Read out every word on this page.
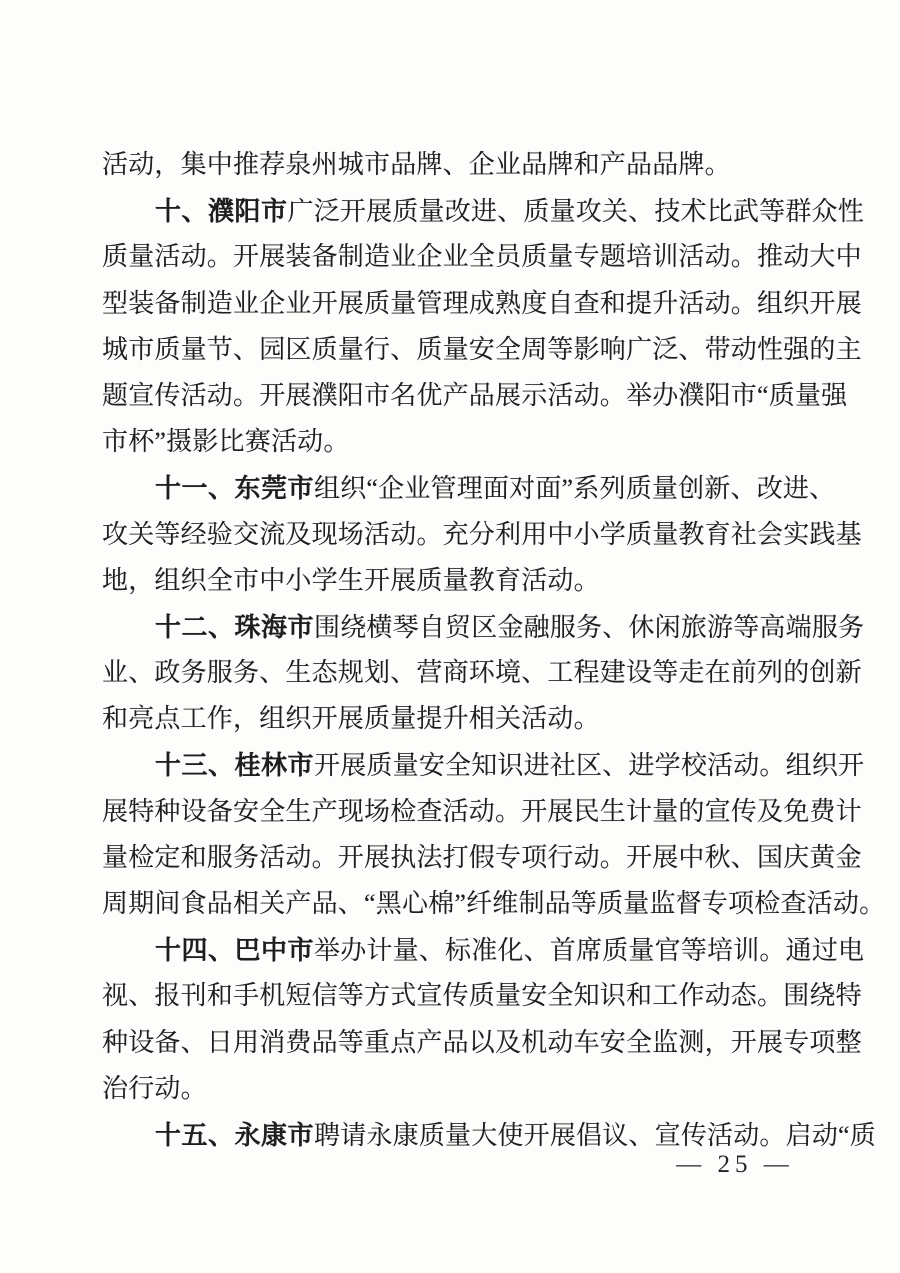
活动，集中推荐泉州城市品牌、企业品牌和产品品牌。
十、濮阳市广泛开展质量改进、质量攻关、技术比武等群众性
质量活动。开展装备制造业企业全员质量专题培训活动。推动大中
型装备制造业企业开展质量管理成熟度自查和提升活动。组织开展
城市质量节、园区质量行、质量安全周等影响广泛、带动性强的主
题宣传活动。开展濮阳市名优产品展示活动。举办濮阳市“质量强
市杯”摄影比赛活动。
十一、东莞市组织“企业管理面对面”系列质量创新、改进、
攻关等经验交流及现场活动。充分利用中小学质量教育社会实践基
地，组织全市中小学生开展质量教育活动。
十二、珠海市围绕横琴自贸区金融服务、休闲旅游等高端服务
业、政务服务、生态规划、营商环境、工程建设等走在前列的创新
和亮点工作，组织开展质量提升相关活动。
十三、桂林市开展质量安全知识进社区、进学校活动。组织开
展特种设备安全生产现场检查活动。开展民生计量的宣传及免费计
量检定和服务活动。开展执法打假专项行动。开展中秋、国庆黄金
周期间食品相关产品、“黑心棉”纤维制品等质量监督专项检查活动。
十四、巴中市举办计量、标准化、首席质量官等培训。通过电
视、报刊和手机短信等方式宣传质量安全知识和工作动态。围绕特
种设备、日用消费品等重点产品以及机动车安全监测，开展专项整
治行动。
十五、永康市聘请永康质量大使开展倡议、宣传活动。启动“质
— 25 —
